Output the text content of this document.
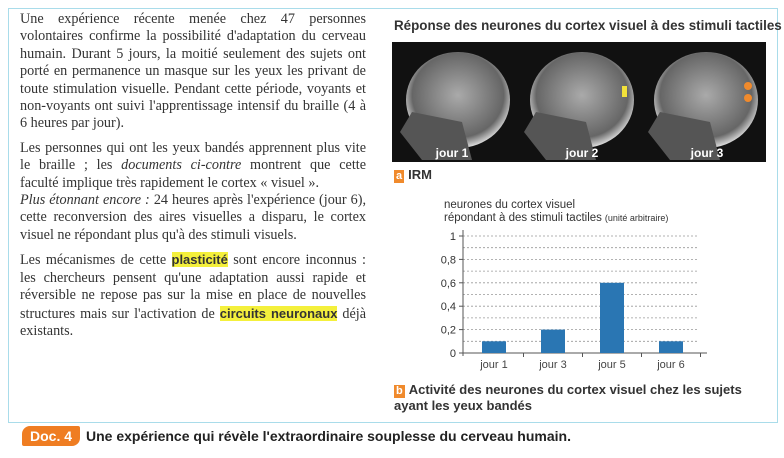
Une expérience récente menée chez 47 personnes volontaires confirme la possibilité d'adaptation du cerveau humain. Durant 5 jours, la moitié seulement des sujets ont porté en permanence un masque sur les yeux les privant de toute stimulation visuelle. Pendant cette période, voyants et non-voyants ont suivi l'apprentissage intensif du braille (4 à 6 heures par jour).

Les personnes qui ont les yeux bandés apprennent plus vite le braille ; les documents ci-contre montrent que cette faculté implique très rapidement le cortex « visuel ».

Plus étonnant encore : 24 heures après l'expérience (jour 6), cette reconversion des aires visuelles a disparu, le cortex visuel ne répondant plus qu'à des stimuli visuels.

Les mécanismes de cette plasticité sont encore inconnus : les chercheurs pensent qu'une adaptation aussi rapide et réversible ne repose pas sur la mise en place de nouvelles structures mais sur l'activation de circuits neuronaux déjà existants.

Réponse des neurones du cortex visuel à des stimuli tactiles
jour 1	jour 2	jour 3
a IRM
neurones du cortex visuel
répondant à des stimuli tactiles (unité arbitraire)
0
0,2
0,4
0,6
0,8
1
jour 1	jour 3	jour 5	jour 6
b Activité des neurones du cortex visuel chez les sujets ayant les yeux bandés
Doc. 4 Une expérience qui révèle l'extraordinaire souplesse du cerveau humain.
